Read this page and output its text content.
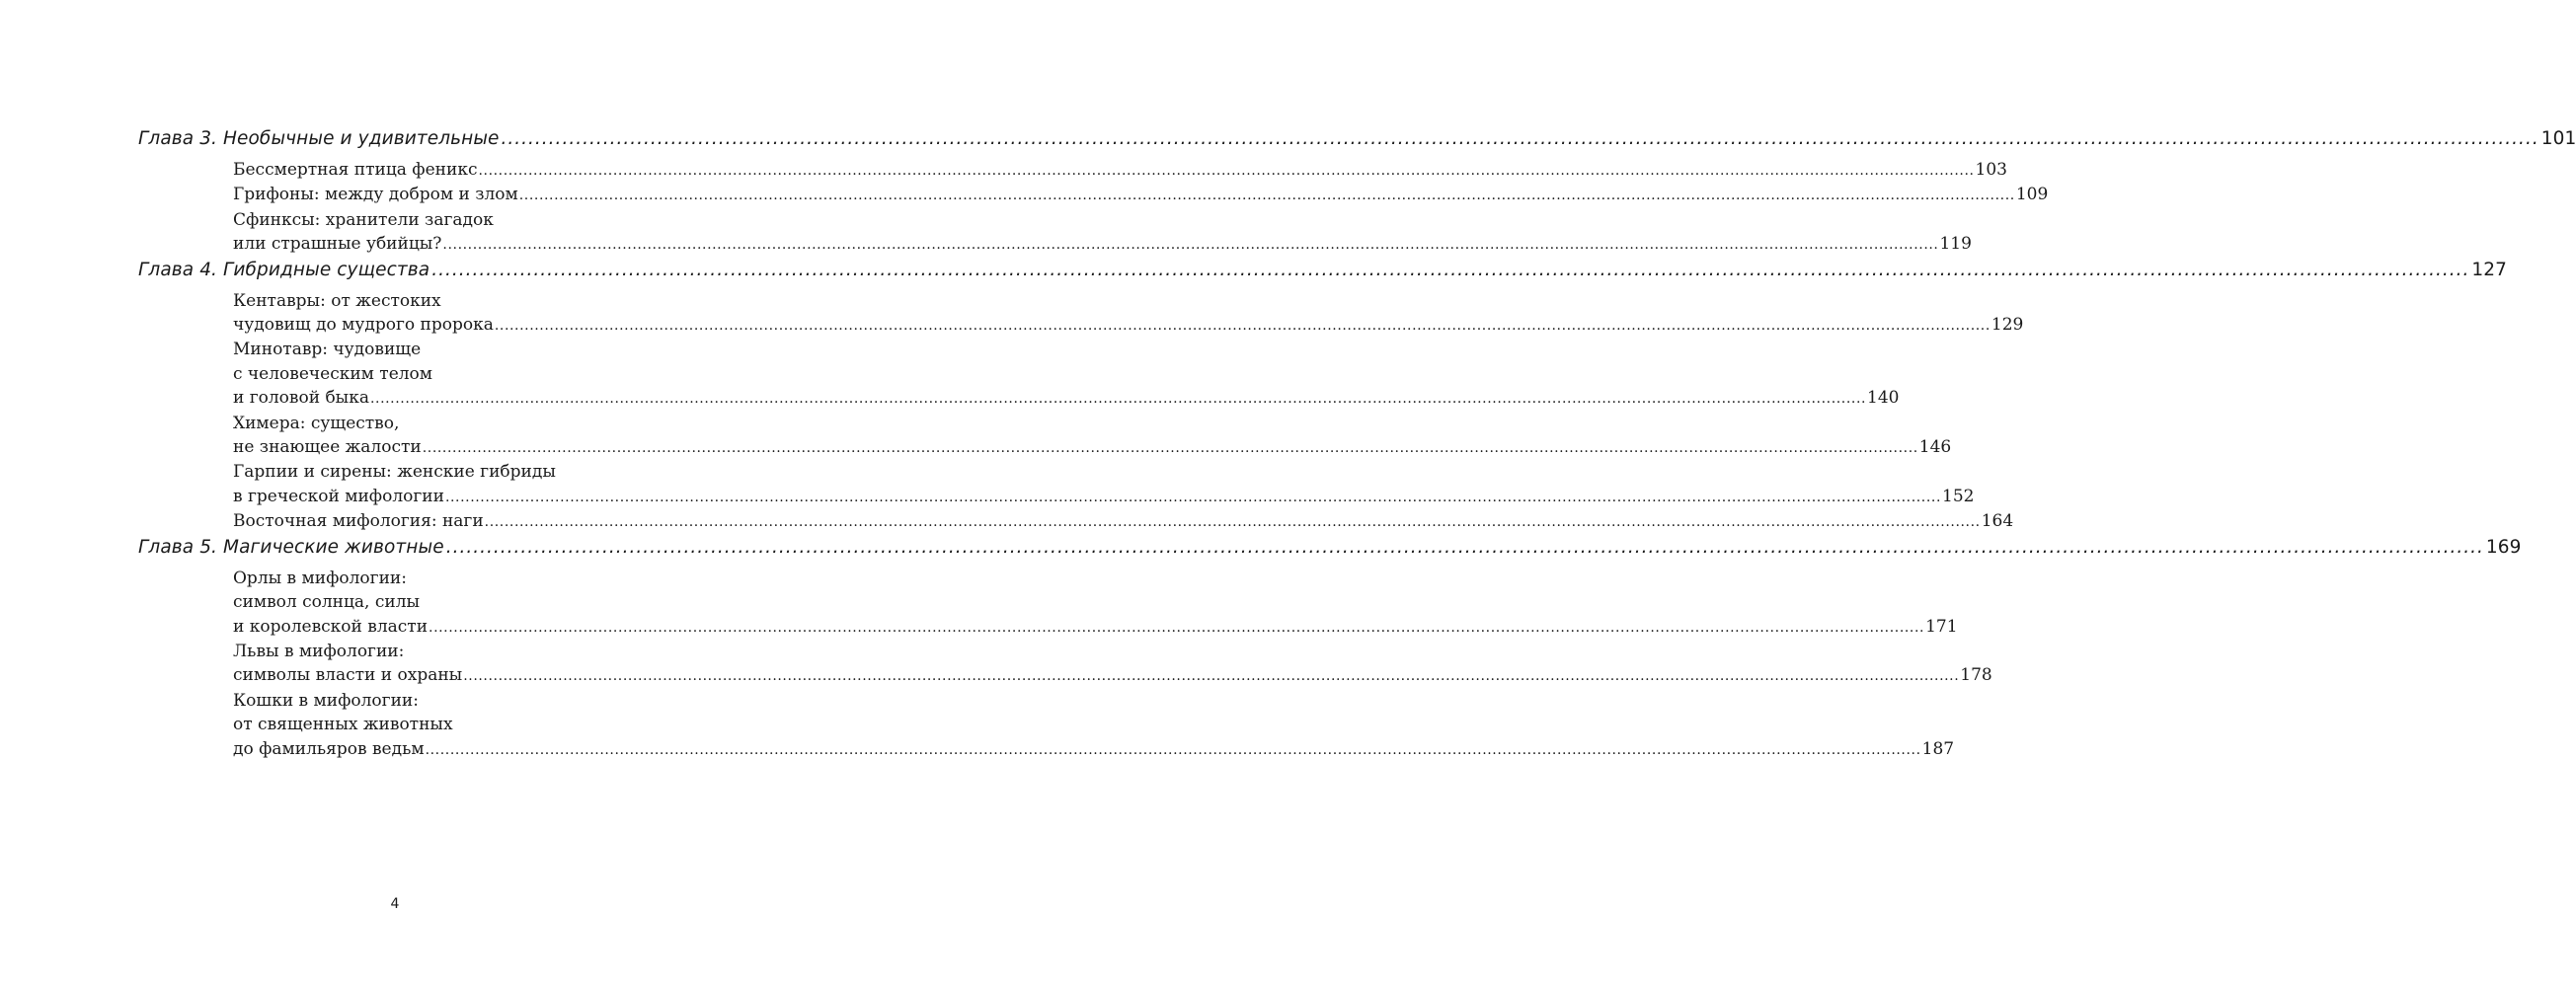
Глава 3. Необычные и удивительные ............................................................................................................................................................................................................................................................................................................ 101
Бессмертная птица феникс ............................................................................................................................................................................................................................................................................................................ 103
Грифоны: между добром и злом ............................................................................................................................................................................................................................................................................................................ 109
Сфинксы: хранители загадок
или страшные убийцы? ............................................................................................................................................................................................................................................................................................................ 119
Глава 4. Гибридные существа ............................................................................................................................................................................................................................................................................................................ 127
Кентавры: от жестоких
чудовищ до мудрого пророка ............................................................................................................................................................................................................................................................................................................ 129
Минотавр: чудовище
с человеческим телом
и головой быка ............................................................................................................................................................................................................................................................................................................ 140
Химера: существо,
не знающее жалости ............................................................................................................................................................................................................................................................................................................ 146
Гарпии и сирены: женские гибриды
в греческой мифологии ............................................................................................................................................................................................................................................................................................................ 152
Восточная мифология: наги ............................................................................................................................................................................................................................................................................................................ 164
Глава 5. Магические животные ............................................................................................................................................................................................................................................................................................................ 169
Орлы в мифологии:
символ солнца, силы
и королевской власти ............................................................................................................................................................................................................................................................................................................ 171
Львы в мифологии:
символы власти и охраны ............................................................................................................................................................................................................................................................................................................ 178
Кошки в мифологии:
от священных животных
до фамильяров ведьм ............................................................................................................................................................................................................................................................................................................ 187
4
